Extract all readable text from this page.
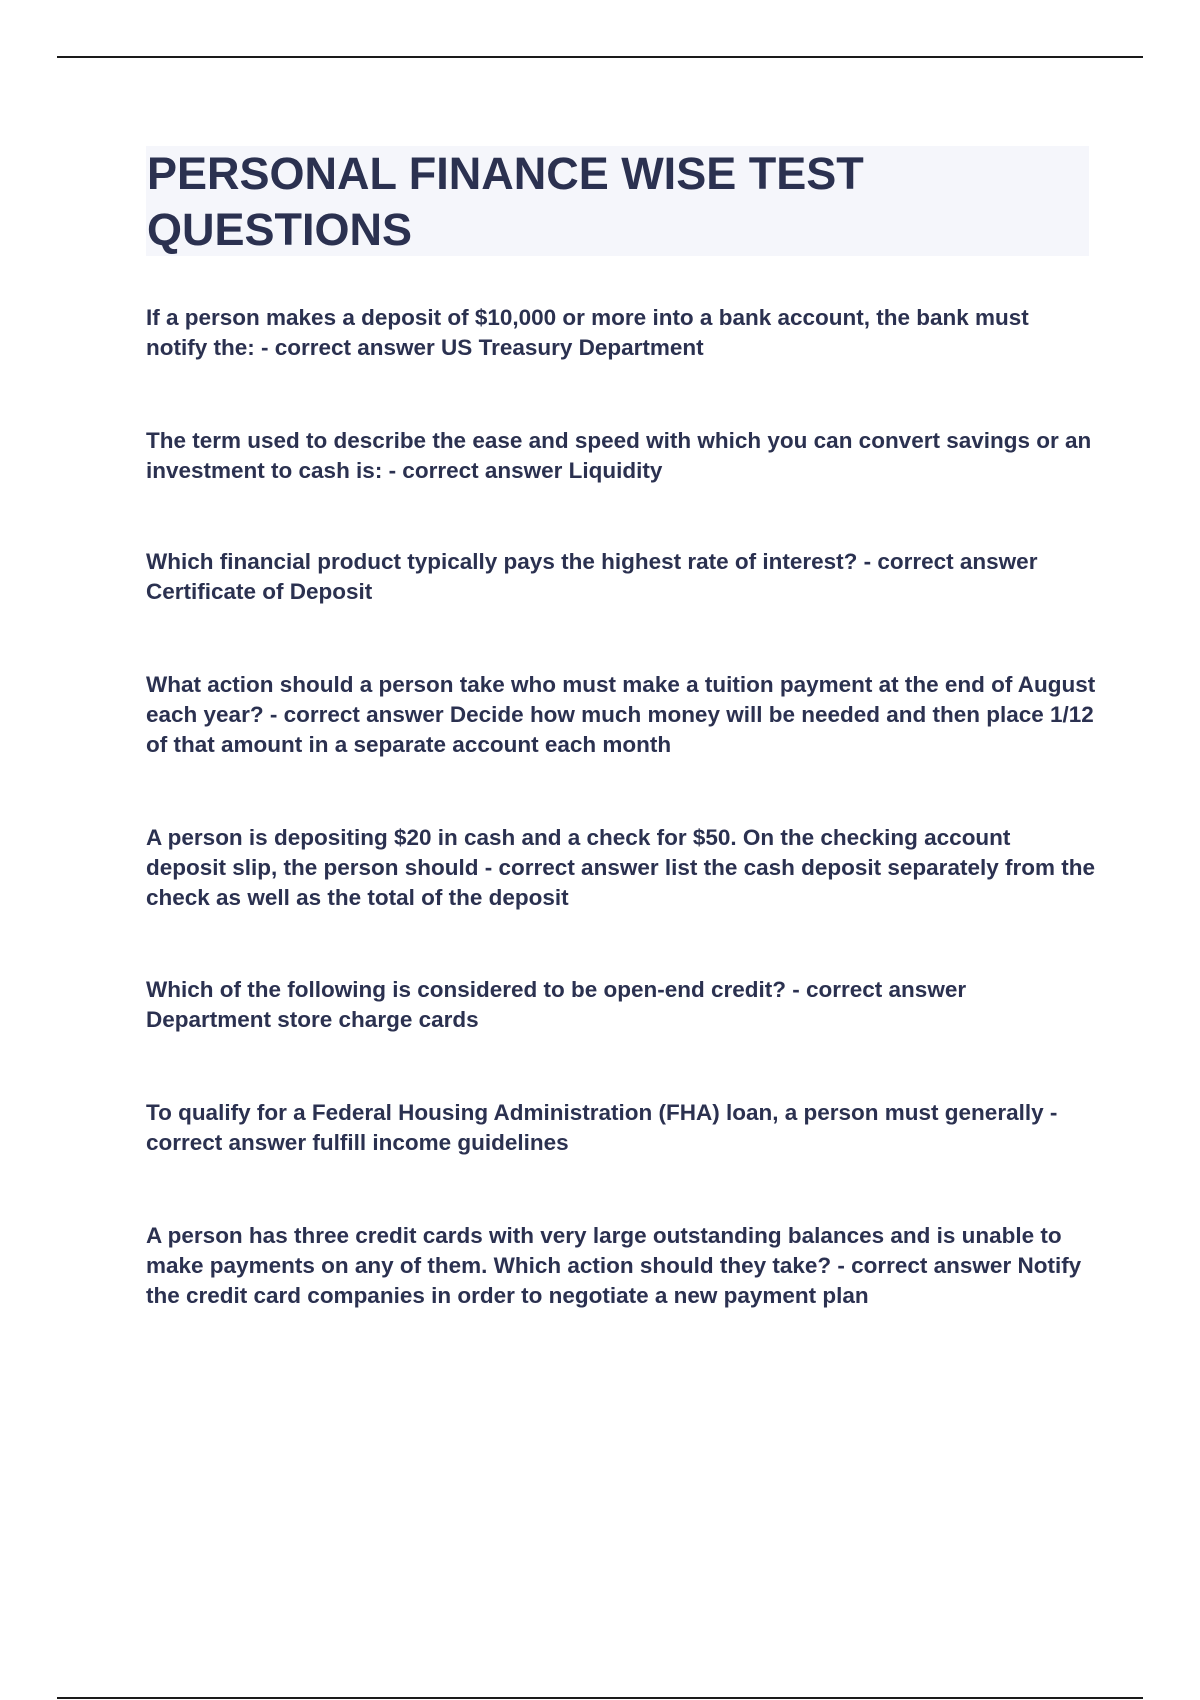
PERSONAL FINANCE WISE TEST QUESTIONS

If a person makes a deposit of $10,000 or more into a bank account, the bank must notify the: - correct answer US Treasury Department

The term used to describe the ease and speed with which you can convert savings or an investment to cash is: - correct answer Liquidity

Which financial product typically pays the highest rate of interest? - correct answer Certificate of Deposit

What action should a person take who must make a tuition payment at the end of August each year? - correct answer Decide how much money will be needed and then place 1/12 of that amount in a separate account each month

A person is depositing $20 in cash and a check for $50. On the checking account deposit slip, the person should - correct answer list the cash deposit separately from the check as well as the total of the deposit

Which of the following is considered to be open-end credit? - correct answer Department store charge cards

To qualify for a Federal Housing Administration (FHA) loan, a person must generally - correct answer fulfill income guidelines

A person has three credit cards with very large outstanding balances and is unable to make payments on any of them. Which action should they take? - correct answer Notify the credit card companies in order to negotiate a new payment plan
